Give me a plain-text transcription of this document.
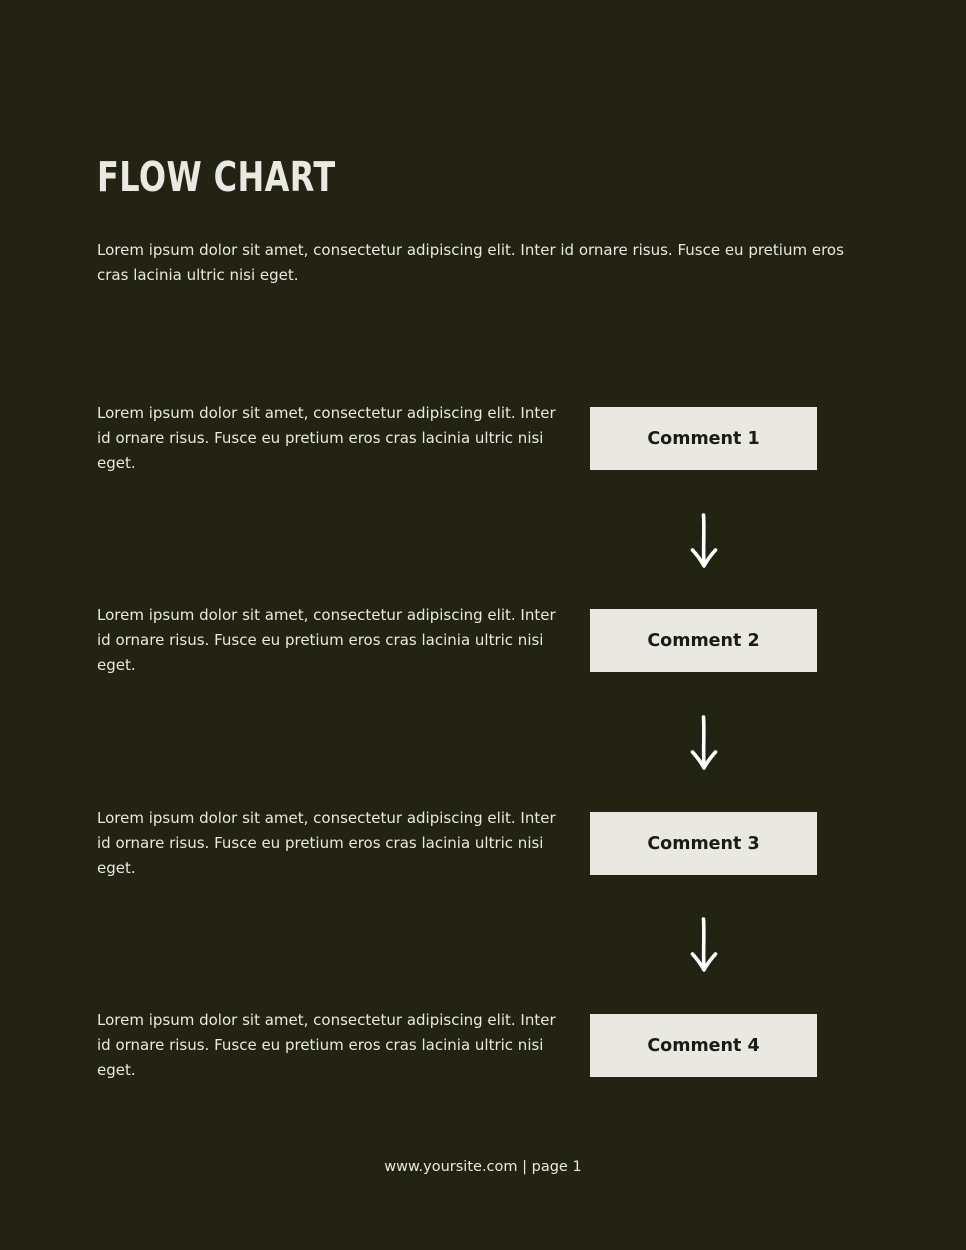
FLOW CHART

Lorem ipsum dolor sit amet, consectetur adipiscing elit. Inter id ornare risus. Fusce eu pretium eros cras lacinia ultric nisi eget.

Lorem ipsum dolor sit amet, consectetur adipiscing elit. Inter id ornare risus. Fusce eu pretium eros cras lacinia ultric nisi eget.

Comment 1

Lorem ipsum dolor sit amet, consectetur adipiscing elit. Inter id ornare risus. Fusce eu pretium eros cras lacinia ultric nisi eget.

Comment 2

Lorem ipsum dolor sit amet, consectetur adipiscing elit. Inter id ornare risus. Fusce eu pretium eros cras lacinia ultric nisi eget.

Comment 3

Lorem ipsum dolor sit amet, consectetur adipiscing elit. Inter id ornare risus. Fusce eu pretium eros cras lacinia ultric nisi eget.

Comment 4
www.yoursite.com | page 1
